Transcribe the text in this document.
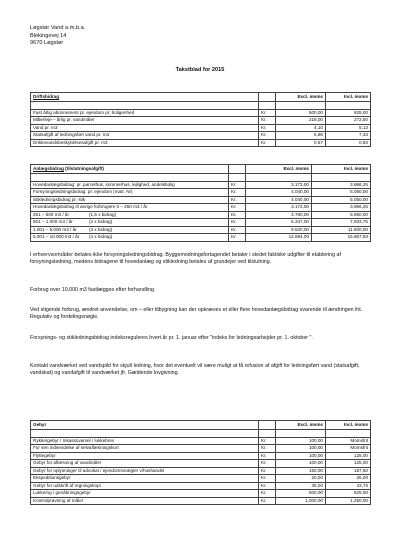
Løgstør Vand a.m.b.a.
Blekingevej 14
9670 Løgstør
Takstblad for 2015
Driftsbidrag		Excl. moms	Incl. moms

Fast årlig abonnement pr. ejendom pr. boligenhed	Kr.	500,00	625,00
Målerleje – årlig pr. vandmåler	Kr.	218,00	272,50
Vand pr. m3	Kr.	4,10	5,13
Statsafgift af ledningsført vand pr. m3	Kr.	5,86	7,33
Drikkevandsbeskyttelsesafgift pr. m3	Kr.	0,67	0,83
Anlægsbidrag (tilslutningsafgift)		Excl. moms	Incl. moms

Hovedanlægsbidrag: pr. parcelhus, sommerhus, lejlighed, andelsbolig	Kr.	3.173,00	3.966,25
Forsyningsledningsbidrag: pr. ejendom (matr. Nr)	Kr.	4.040,00	5.050,00
Stikledningsbidrag pr. stik	Kr.	4.040,00	5.050,00
Hovedanlægsbidrag til øvrige forbrugere 0 – 250 m3 / år	Kr.	3.173,00	3.966,25
251 – 500 m3 / år (1,5 x bidrag)	Kr.	4.760,00	5.950,00
501 – 1.000 m3 / år (2 x bidrag)	Kr.	6.347,00	7.933,75
1.001 – 5.000 m3 / år (3 x bidrag)	Kr.	9.520,00	11.900,00
5.001 – 10.000 m3 / år (4 x bidrag)	Kr.	12.694,00	15.867,50
I erhvervsområder betales ikke forsyningsledningsbidrag. Byggemodningsfortagendet betaler i stedet faktiske udgifter til etablering af forsyningsledning, medens bidragene til hovedanlæg og stikledning betales af grundejer ved tilslutning.
Forbrug over 10.000 m3 fastlægges efter forhandling.
Ved stigende forbrug, ændret anvendelse, om – eller tilbygning kan der opkræves et eller flere hovedanlægsbidrag svarende til ændringen iht. Regulativ og fordelingsnøgle.
Forsynings- og stikledningsbidrag indeksreguleres hvert år pr. 1. januar efter "indeks for ledningsarbejder pr. 1. oktober ".
Kontakt vandværket ved vandspild for skjult ledning, hvor det eventuelt vil være muligt at få refusion af afgift for ledningsført vand (statsafgift, vandskat) og vandafgift til vandværket jfr. Gældende lovgivning.
Gebyr		Excl. moms	Incl. moms

Rykkergebyr / Inkassovarsel / lukkebrev	Kr.	100,00	Momsfrit
For sen indsendelse af selvaflæsningskort	Kr.	100,00	Momsfrit
Flyttegebyr	Kr.	100,00	125,00
Gebyr for aflæsning af vandmåler	Kr.	100,00	125,00
Gebyr for oplysninger til advokat / ejendomsmægler v/hushandel	Kr.	150,00	187,50
Ekspeditionsgebyr	Kr.	20,00	25,00
Gebyr for udskrift af regningskopi	Kr.	35,00	43,75
Lukke/og / genåbningsgebyr	Kr.	500,00	625,00
Kontrolprøvning af måler	Kr.	1.000,00	1.250,00
